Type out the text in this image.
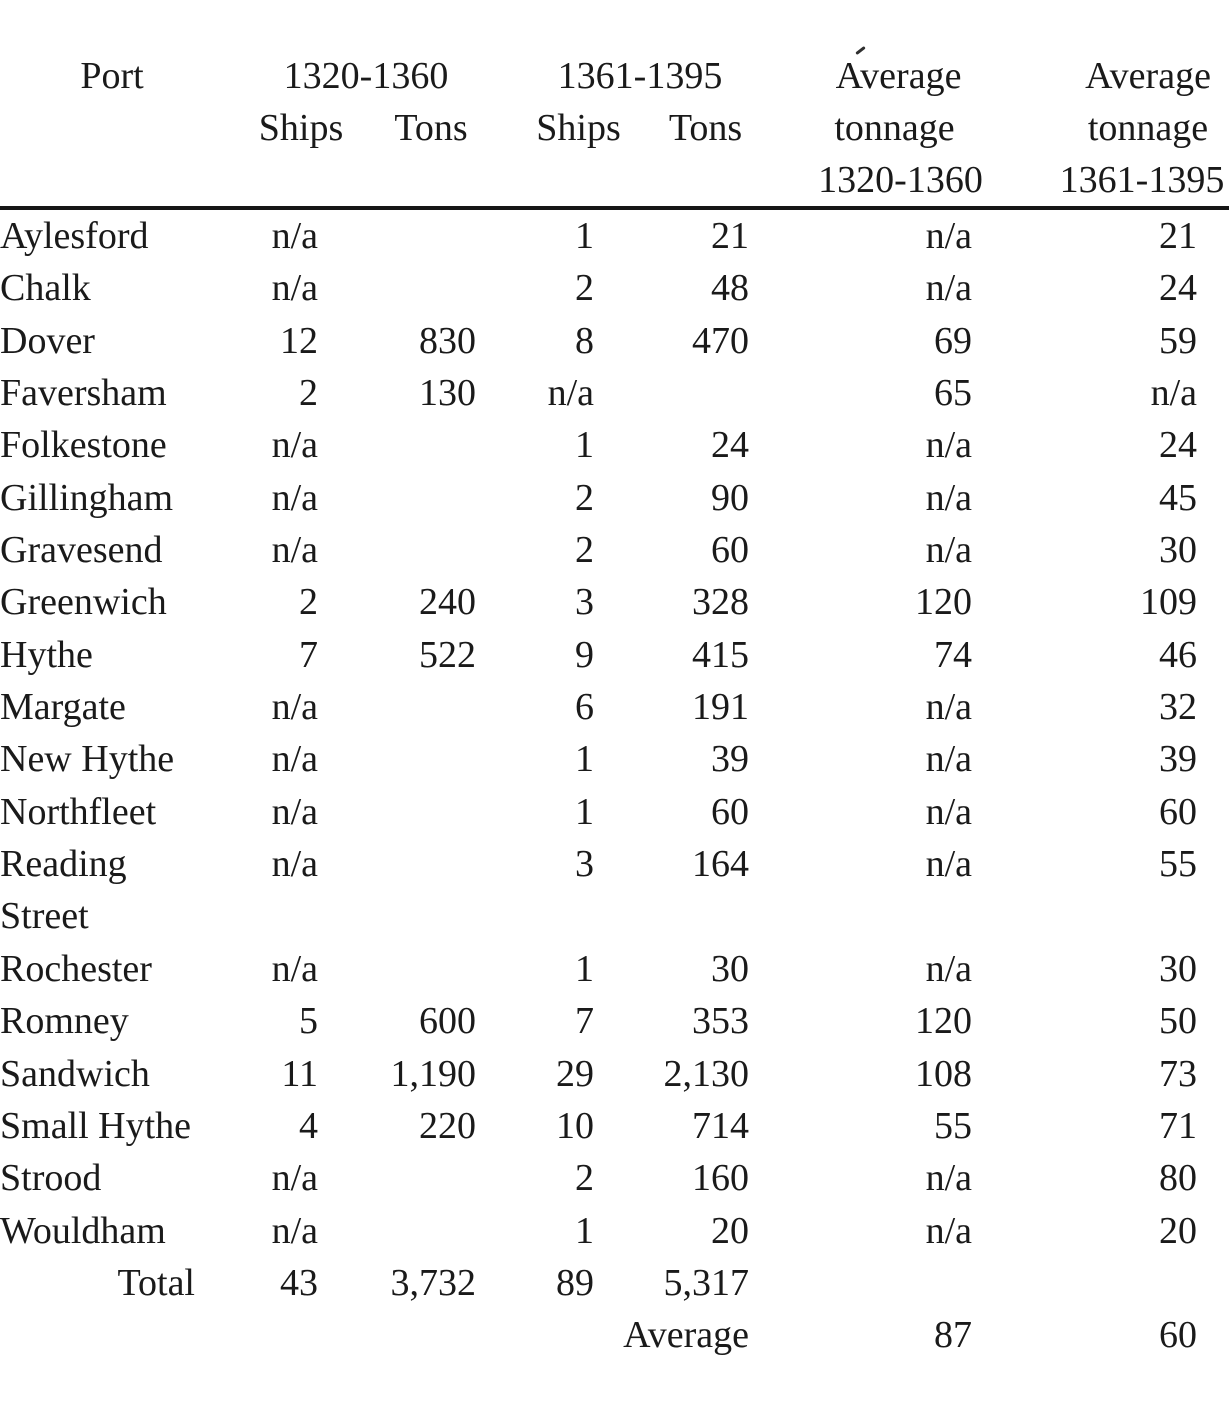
Port	1320-1360		1361-1395		Average	Average
	Ships	Tons	Ships	Tons	tonnage	tonnage
					1320-1360	1361-1395
Aylesford	n/a		1	21	n/a	21
Chalk	n/a		2	48	n/a	24
Dover	12	830	8	470	69	59
Faversham	2	130	n/a		65	n/a
Folkestone	n/a		1	24	n/a	24
Gillingham	n/a		2	90	n/a	45
Gravesend	n/a		2	60	n/a	30
Greenwich	2	240	3	328	120	109
Hythe	7	522	9	415	74	46
Margate	n/a		6	191	n/a	32
New Hythe	n/a		1	39	n/a	39
Northfleet	n/a		1	60	n/a	60
Reading Street	n/a		3	164	n/a	55
Rochester	n/a		1	30	n/a	30
Romney	5	600	7	353	120	50
Sandwich	11	1,190	29	2,130	108	73
Small Hythe	4	220	10	714	55	71
Strood	n/a		2	160	n/a	80
Wouldham	n/a		1	20	n/a	20
Total	43	3,732	89	5,317		
				Average	87	60
